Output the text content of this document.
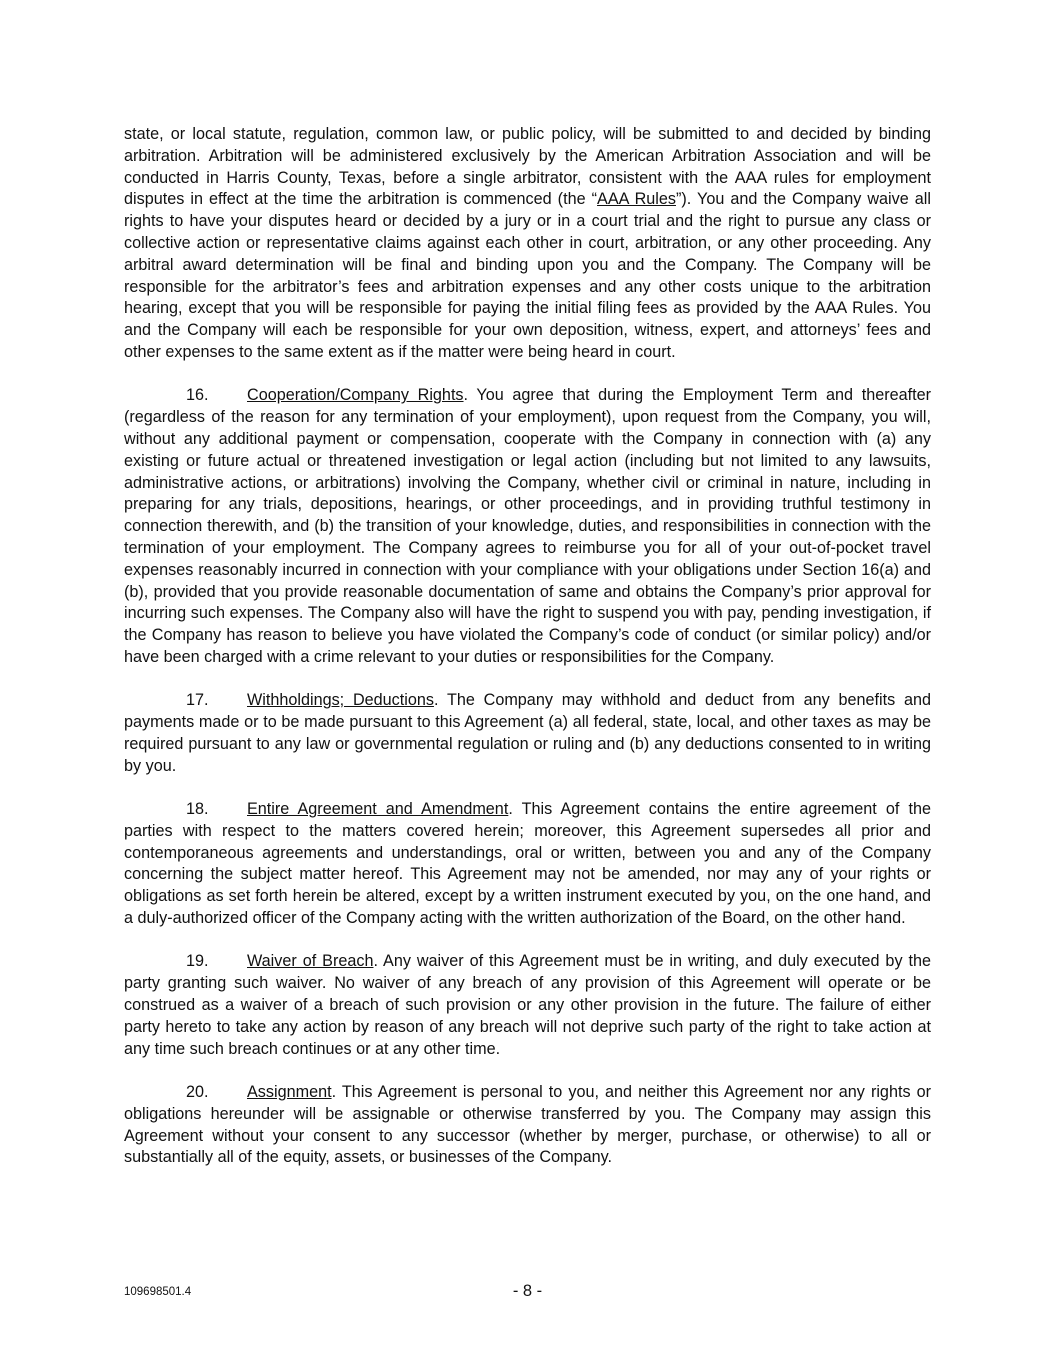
state, or local statute, regulation, common law, or public policy, will be submitted to and decided by binding arbitration. Arbitration will be administered exclusively by the American Arbitration Association and will be conducted in Harris County, Texas, before a single arbitrator, consistent with the AAA rules for employment disputes in effect at the time the arbitration is commenced (the “AAA Rules”). You and the Company waive all rights to have your disputes heard or decided by a jury or in a court trial and the right to pursue any class or collective action or representative claims against each other in court, arbitration, or any other proceeding. Any arbitral award determination will be final and binding upon you and the Company. The Company will be responsible for the arbitrator’s fees and arbitration expenses and any other costs unique to the arbitration hearing, except that you will be responsible for paying the initial filing fees as provided by the AAA Rules. You and the Company will each be responsible for your own deposition, witness, expert, and attorneys’ fees and other expenses to the same extent as if the matter were being heard in court.

16. Cooperation/Company Rights. You agree that during the Employment Term and thereafter (regardless of the reason for any termination of your employment), upon request from the Company, you will, without any additional payment or compensation, cooperate with the Company in connection with (a) any existing or future actual or threatened investigation or legal action (including but not limited to any lawsuits, administrative actions, or arbitrations) involving the Company, whether civil or criminal in nature, including in preparing for any trials, depositions, hearings, or other proceedings, and in providing truthful testimony in connection therewith, and (b) the transition of your knowledge, duties, and responsibilities in connection with the termination of your employment. The Company agrees to reimburse you for all of your out-of-pocket travel expenses reasonably incurred in connection with your compliance with your obligations under Section 16(a) and (b), provided that you provide reasonable documentation of same and obtains the Company’s prior approval for incurring such expenses. The Company also will have the right to suspend you with pay, pending investigation, if the Company has reason to believe you have violated the Company’s code of conduct (or similar policy) and/or have been charged with a crime relevant to your duties or responsibilities for the Company.

17. Withholdings; Deductions. The Company may withhold and deduct from any benefits and payments made or to be made pursuant to this Agreement (a) all federal, state, local, and other taxes as may be required pursuant to any law or governmental regulation or ruling and (b) any deductions consented to in writing by you.

18. Entire Agreement and Amendment. This Agreement contains the entire agreement of the parties with respect to the matters covered herein; moreover, this Agreement supersedes all prior and contemporaneous agreements and understandings, oral or written, between you and any of the Company concerning the subject matter hereof. This Agreement may not be amended, nor may any of your rights or obligations as set forth herein be altered, except by a written instrument executed by you, on the one hand, and a duly-authorized officer of the Company acting with the written authorization of the Board, on the other hand.

19. Waiver of Breach. Any waiver of this Agreement must be in writing, and duly executed by the party granting such waiver. No waiver of any breach of any provision of this Agreement will operate or be construed as a waiver of a breach of such provision or any other provision in the future. The failure of either party hereto to take any action by reason of any breach will not deprive such party of the right to take action at any time such breach continues or at any other time.

20. Assignment. This Agreement is personal to you, and neither this Agreement nor any rights or obligations hereunder will be assignable or otherwise transferred by you. The Company may assign this Agreement without your consent to any successor (whether by merger, purchase, or otherwise) to all or substantially all of the equity, assets, or businesses of the Company.

109698501.4	- 8 -
